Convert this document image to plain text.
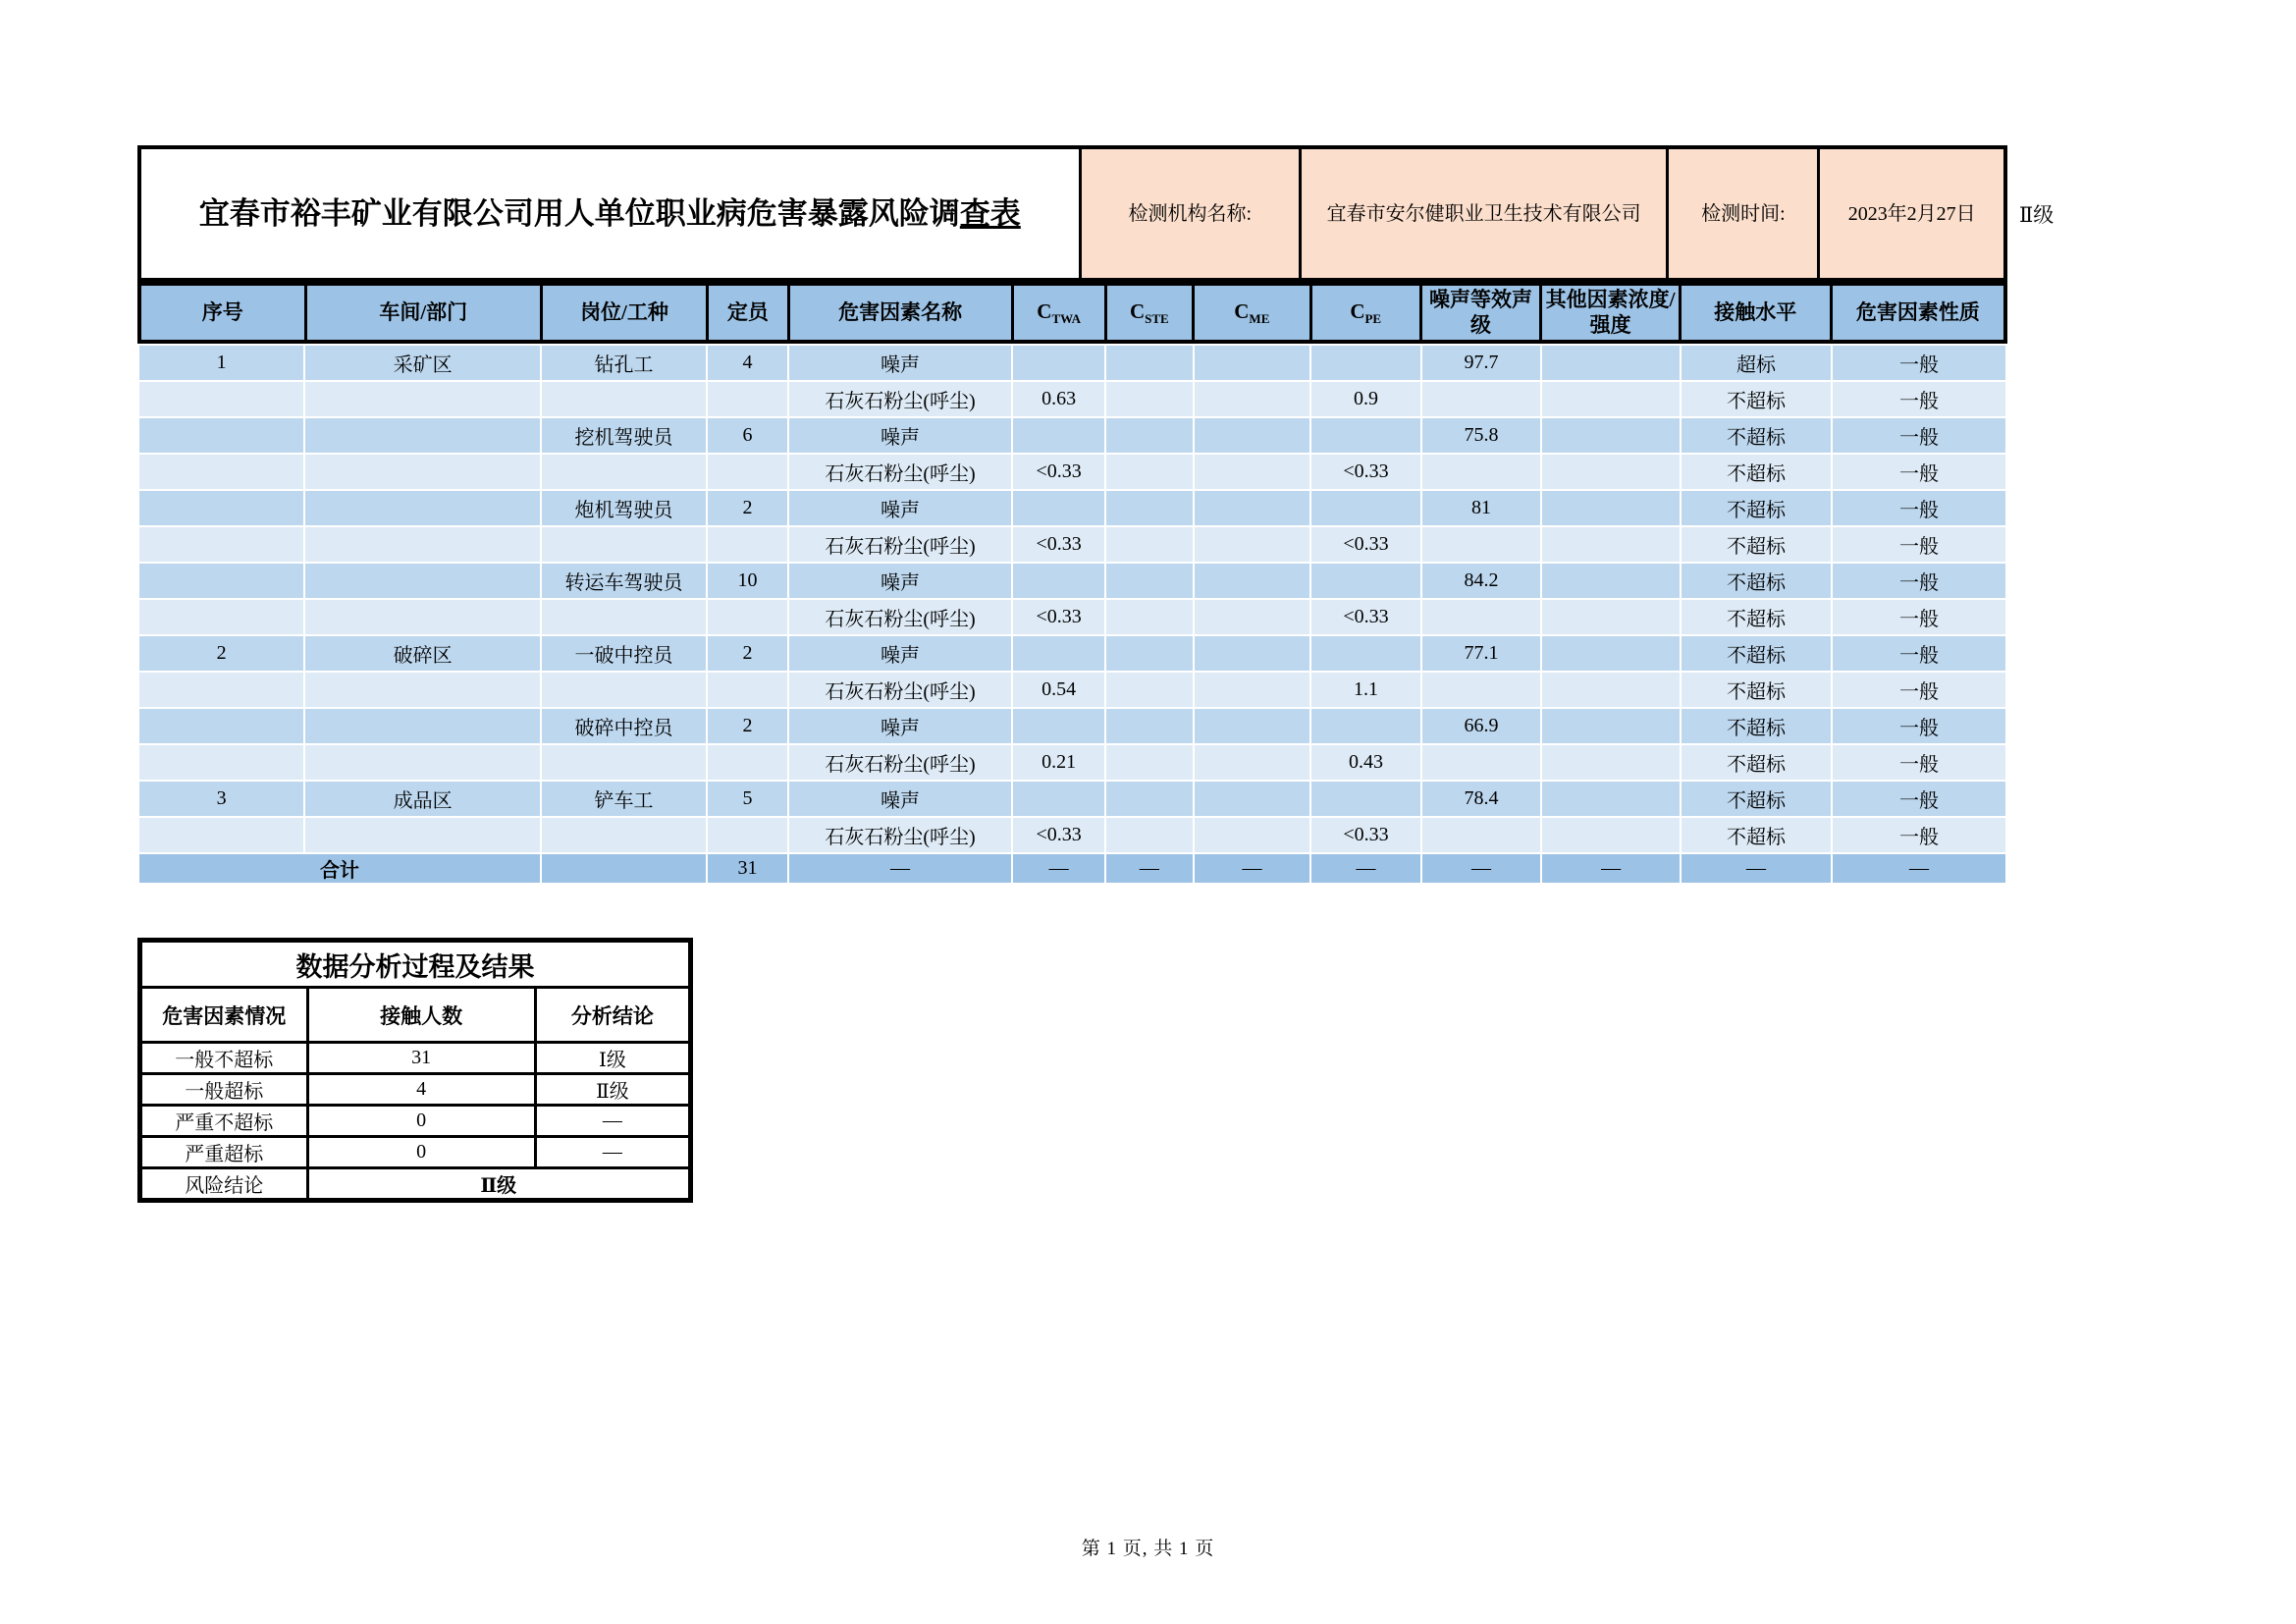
宜春市裕丰矿业有限公司用人单位职业病危害暴露风险调查表	检测机构名称:	宜春市安尔健职业卫生技术有限公司	检测时间:	2023年2月27日
序号	车间/部门	岗位/工种	定员	危害因素名称	$C_{TWA}$	$C_{STE}$	$C_{ME}$	$C_{PE}$	噪声等效声级	其他因素浓度/强度	接触水平	危害因素性质
1	采矿区	钻孔工	4	噪声					97.7		超标	一般
				石灰石粉尘(呼尘)	0.63			0.9			不超标	一般
		挖机驾驶员	6	噪声					75.8		不超标	一般
				石灰石粉尘(呼尘)	<0.33			<0.33			不超标	一般
		炮机驾驶员	2	噪声					81		不超标	一般
				石灰石粉尘(呼尘)	<0.33			<0.33			不超标	一般
		转运车驾驶员	10	噪声					84.2		不超标	一般
				石灰石粉尘(呼尘)	<0.33			<0.33			不超标	一般
2	破碎区	一破中控员	2	噪声					77.1		不超标	一般
				石灰石粉尘(呼尘)	0.54			1.1			不超标	一般
		破碎中控员	2	噪声					66.9		不超标	一般
				石灰石粉尘(呼尘)	0.21			0.43			不超标	一般
3	成品区	铲车工	5	噪声					78.4		不超标	一般
				石灰石粉尘(呼尘)	<0.33			<0.33			不超标	一般
合计			31	—	—	—	—	—	—	—	—	—
Ⅱ级
数据分析过程及结果		
危害因素情况	接触人数	分析结论
一般不超标	31	Ⅰ级
一般超标	4	Ⅱ级
严重不超标	0	—
严重超标	0	—
风险结论	Ⅱ级	
第 1 页, 共 1 页
